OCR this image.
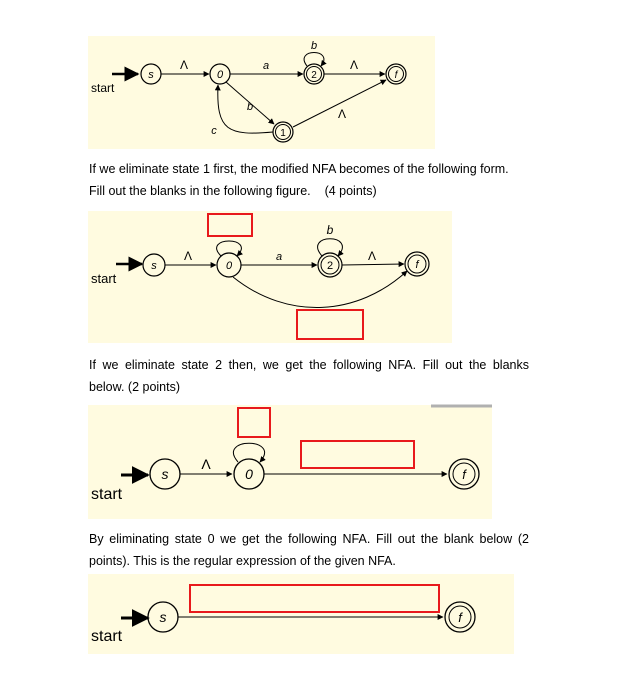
start
s	0	2	f
1
Λ	a
b
Λ
b
c
Λ

If we eliminate state 1 first, the modified NFA becomes of the following form.

Fill out the blanks in the following figure. (4 points)

start
s	0	2	f
Λ	a
b
Λ

If we eliminate state 2 then, we get the following NFA. Fill out the blanks

below. (2 points)

start
s	0	f
Λ

By eliminating state 0 we get the following NFA. Fill out the blank below (2

points). This is the regular expression of the given NFA.

start
s	f
